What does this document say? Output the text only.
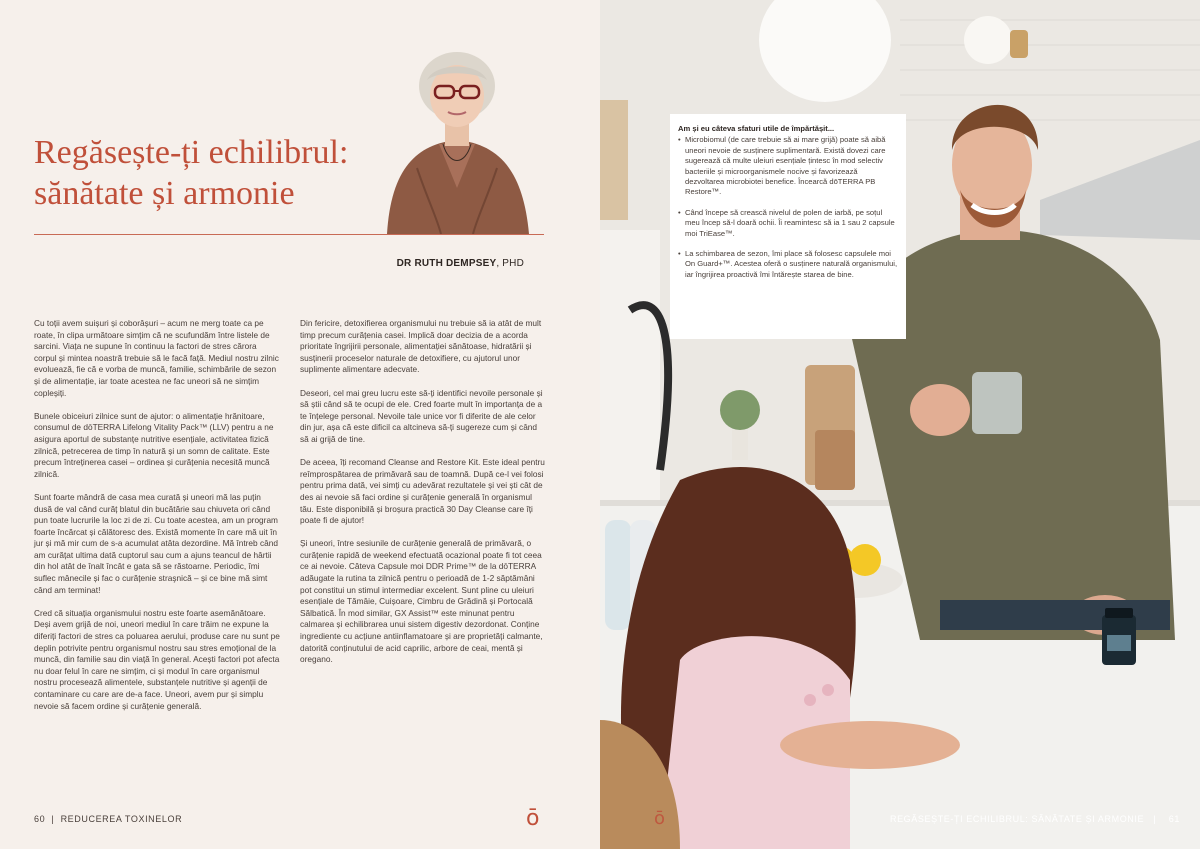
Regăsește-ți echilibrul:
sănătate și armonie
DR RUTH DEMPSEY, PHD

Cu toții avem suișuri și coborâșuri – acum ne merg toate ca pe roate, în clipa următoare simțim că ne scufundăm între listele de sarcini. Viața ne supune în continuu la factori de stres cărora corpul și mintea noastră trebuie să le facă față. Mediul nostru zilnic evoluează, fie că e vorba de muncă, familie, schimbările de sezon și de alimentație, iar toate acestea ne fac uneori să ne simțim copleșiți.

Bunele obiceiuri zilnice sunt de ajutor: o alimentație hrănitoare, consumul de dōTERRA Lifelong Vitality Pack™ (LLV) pentru a ne asigura aportul de substanțe nutritive esențiale, activitatea fizică zilnică, petrecerea de timp în natură și un somn de calitate. Este precum întreținerea casei – ordinea și curățenia necesită muncă zilnică.

Sunt foarte mândră de casa mea curată și uneori mă las puțin dusă de val când curăț blatul din bucătărie sau chiuveta ori când pun toate lucrurile la loc zi de zi. Cu toate acestea, am un program foarte încărcat și călătoresc des. Există momente în care mă uit în jur și mă mir cum de s-a acumulat atâta dezordine. Mă întreb când am curățat ultima dată cuptorul sau cum a ajuns teancul de hârtii din hol atât de înalt încât e gata să se răstoarne. Periodic, îmi suflec mânecile și fac o curățenie straşnică – și ce bine mă simt când am terminat!

Cred că situația organismului nostru este foarte asemănătoare. Deși avem grijă de noi, uneori mediul în care trăim ne expune la diferiți factori de stres ca poluarea aerului, produse care nu sunt pe deplin potrivite pentru organismul nostru sau stres emoțional de la muncă, din familie sau din viață în general. Acești factori pot afecta nu doar felul în care ne simțim, ci și modul în care organismul nostru procesează alimentele, substanțele nutritive și agenții de contaminare cu care are de-a face. Uneori, avem pur și simplu nevoie să facem ordine și curățenie generală.

Din fericire, detoxifierea organismului nu trebuie să ia atât de mult timp precum curățenia casei. Implică doar decizia de a acorda prioritate îngrijirii personale, alimentației sănătoase, hidratării și susținerii proceselor naturale de detoxifiere, cu ajutorul unor suplimente alimentare adecvate.

Deseori, cel mai greu lucru este să-ți identifici nevoile personale și să știi când să te ocupi de ele. Cred foarte mult în importanța de a te înțelege personal. Nevoile tale unice vor fi diferite de ale celor din jur, așa că este dificil ca altcineva să-ți sugereze cum și când să ai grijă de tine.

De aceea, îți recomand Cleanse and Restore Kit. Este ideal pentru reîmprospătarea de primăvară sau de toamnă. După ce-l vei folosi pentru prima dată, vei simți cu adevărat rezultatele și vei ști cât de des ai nevoie să faci ordine și curățenie generală în organismul tău. Este disponibilă și broșura practică 30 Day Cleanse care îți poate fi de ajutor!

Și uneori, între sesiunile de curățenie generală de primăvară, o curățenie rapidă de weekend efectuată ocazional poate fi tot ceea ce ai nevoie. Câteva Capsule moi DDR Prime™ de la dōTERRA adăugate la rutina ta zilnică pentru o perioadă de 1-2 săptămâni pot constitui un stimul intermediar excelent. Sunt pline cu uleiuri esențiale de Tămâie, Cuișoare, Cimbru de Grădină și Portocală Sălbatică. În mod similar, GX Assist™ este minunat pentru calmarea și echilibrarea unui sistem digestiv dezordonat. Conține ingrediente cu acțiune antiinflamatoare și are proprietăți calmante, datorită conținutului de acid caprilic, arbore de ceai, mentă și oregano.

60 | REDUCEREA TOXINELOR	ō
Am și eu câteva sfaturi utile de împărtășit...
• Microbiomul (de care trebuie să ai mare grijă) poate să aibă uneori nevoie de susținere suplimentară. Există dovezi care sugerează că multe uleiuri esențiale țintesc în mod selectiv bacteriile și microorganismele nocive și favorizează dezvoltarea microbiotei benefice. Încearcă dōTERRA PB Restore™.
• Când începe să crească nivelul de polen de iarbă, pe soțul meu încep să-l doară ochii. Îi reamintesc să ia 1 sau 2 capsule moi TriEase™.
• La schimbarea de sezon, îmi place să folosesc capsulele moi On Guard+™. Acestea oferă o susținere naturală organismului, iar îngrijirea proactivă îmi întărește starea de bine.
ō	REGĂSEȘTE-ȚI ECHILIBRUL: SĂNĂTATE ȘI ARMONIE | 61
